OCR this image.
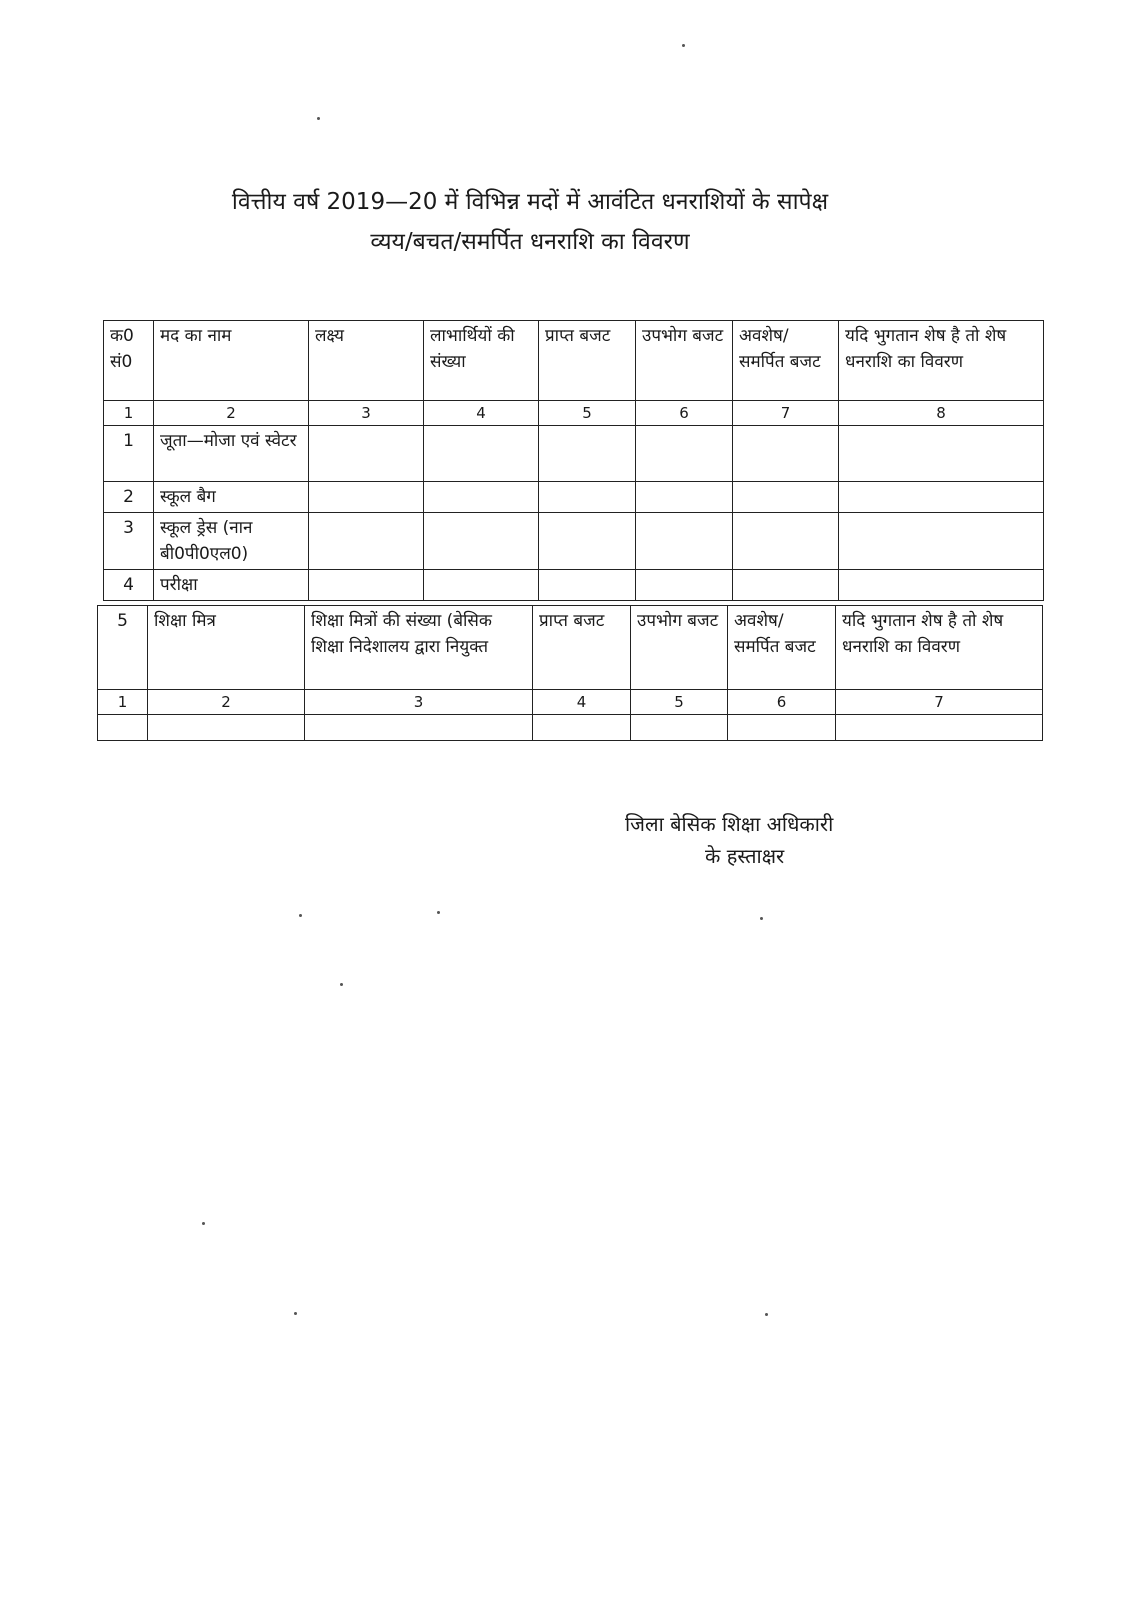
वित्तीय वर्ष 2019—20 में विभिन्न मदों में आवंटित धनराशियों के सापेक्ष
व्यय/बचत/समर्पित धनराशि का विवरण
क0 सं0	मद का नाम	लक्ष्य	लाभार्थियों की संख्या	प्राप्त बजट	उपभोग बजट	अवशेष/ समर्पित बजट	यदि भुगतान शेष है तो शेष धनराशि का विवरण
1	2	3	4	5	6	7	8
1	जूता—मोजा एवं स्वेटर						
2	स्कूल बैग						
3	स्कूल ड्रेस (नान बी0पी0एल0)						
4	परीक्षा						
5	शिक्षा मित्र	शिक्षा मित्रों की संख्या (बेसिक शिक्षा निदेशालय द्वारा नियुक्त	प्राप्त बजट	उपभोग बजट	अवशेष/ समर्पित बजट	यदि भुगतान शेष है तो शेष धनराशि का विवरण
1	2	3	4	5	6	7

जिला बेसिक शिक्षा अधिकारी
के हस्ताक्षर
